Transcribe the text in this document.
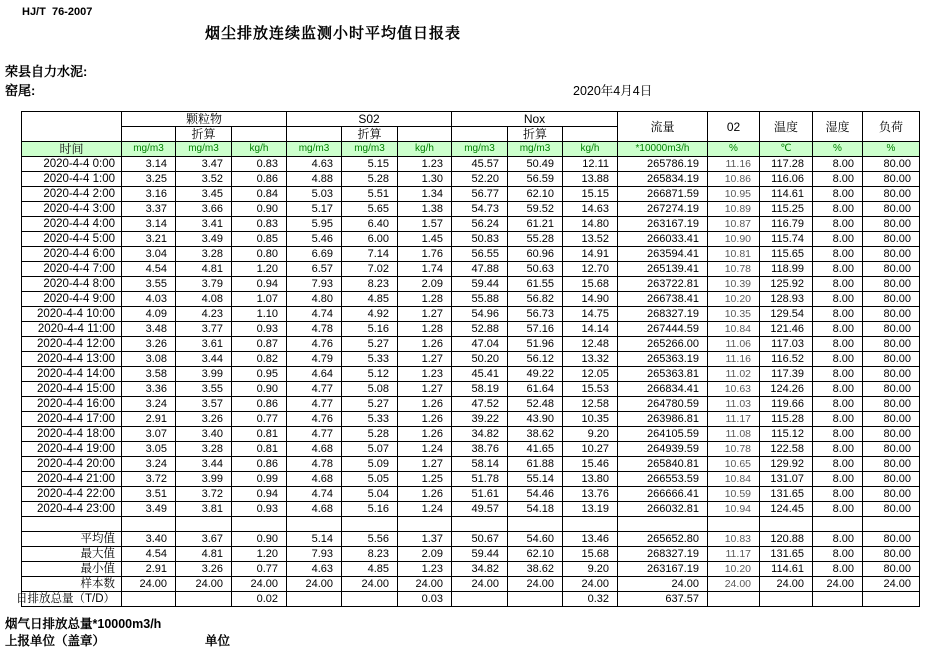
HJ/T  76-2007
烟尘排放连续监测小时平均值日报表
荣县自力水泥:
窑尾:	2020年4月4日
	颗粒物			S02			Nox			流量	02	温度	湿度	负荷
		折算			折算			折算						
时间	mg/m3	mg/m3	kg/h	mg/m3	mg/m3	kg/h	mg/m3	mg/m3	kg/h	*10000m3/h	%	℃	%	%
2020-4-4 0:00	3.14	3.47	0.83	4.63	5.15	1.23	45.57	50.49	12.11	265786.19	11.16	117.28	8.00	80.00
2020-4-4 1:00	3.25	3.52	0.86	4.88	5.28	1.30	52.20	56.59	13.88	265834.19	10.86	116.06	8.00	80.00
2020-4-4 2:00	3.16	3.45	0.84	5.03	5.51	1.34	56.77	62.10	15.15	266871.59	10.95	114.61	8.00	80.00
2020-4-4 3:00	3.37	3.66	0.90	5.17	5.65	1.38	54.73	59.52	14.63	267274.19	10.89	115.25	8.00	80.00
2020-4-4 4:00	3.14	3.41	0.83	5.95	6.40	1.57	56.24	61.21	14.80	263167.19	10.87	116.79	8.00	80.00
2020-4-4 5:00	3.21	3.49	0.85	5.46	6.00	1.45	50.83	55.28	13.52	266033.41	10.90	115.74	8.00	80.00
2020-4-4 6:00	3.04	3.28	0.80	6.69	7.14	1.76	56.55	60.96	14.91	263594.41	10.81	115.65	8.00	80.00
2020-4-4 7:00	4.54	4.81	1.20	6.57	7.02	1.74	47.88	50.63	12.70	265139.41	10.78	118.99	8.00	80.00
2020-4-4 8:00	3.55	3.79	0.94	7.93	8.23	2.09	59.44	61.55	15.68	263722.81	10.39	125.92	8.00	80.00
2020-4-4 9:00	4.03	4.08	1.07	4.80	4.85	1.28	55.88	56.82	14.90	266738.41	10.20	128.93	8.00	80.00
2020-4-4 10:00	4.09	4.23	1.10	4.74	4.92	1.27	54.96	56.73	14.75	268327.19	10.35	129.54	8.00	80.00
2020-4-4 11:00	3.48	3.77	0.93	4.78	5.16	1.28	52.88	57.16	14.14	267444.59	10.84	121.46	8.00	80.00
2020-4-4 12:00	3.26	3.61	0.87	4.76	5.27	1.26	47.04	51.96	12.48	265266.00	11.06	117.03	8.00	80.00
2020-4-4 13:00	3.08	3.44	0.82	4.79	5.33	1.27	50.20	56.12	13.32	265363.19	11.16	116.52	8.00	80.00
2020-4-4 14:00	3.58	3.99	0.95	4.64	5.12	1.23	45.41	49.22	12.05	265363.81	11.02	117.39	8.00	80.00
2020-4-4 15:00	3.36	3.55	0.90	4.77	5.08	1.27	58.19	61.64	15.53	266834.41	10.63	124.26	8.00	80.00
2020-4-4 16:00	3.24	3.57	0.86	4.77	5.27	1.26	47.52	52.48	12.58	264780.59	11.03	119.66	8.00	80.00
2020-4-4 17:00	2.91	3.26	0.77	4.76	5.33	1.26	39.22	43.90	10.35	263986.81	11.17	115.28	8.00	80.00
2020-4-4 18:00	3.07	3.40	0.81	4.77	5.28	1.26	34.82	38.62	9.20	264105.59	11.08	115.12	8.00	80.00
2020-4-4 19:00	3.05	3.28	0.81	4.68	5.07	1.24	38.76	41.65	10.27	264939.59	10.78	122.58	8.00	80.00
2020-4-4 20:00	3.24	3.44	0.86	4.78	5.09	1.27	58.14	61.88	15.46	265840.81	10.65	129.92	8.00	80.00
2020-4-4 21:00	3.72	3.99	0.99	4.68	5.05	1.25	51.78	55.14	13.80	266553.59	10.84	131.07	8.00	80.00
2020-4-4 22:00	3.51	3.72	0.94	4.74	5.04	1.26	51.61	54.46	13.76	266666.41	10.59	131.65	8.00	80.00
2020-4-4 23:00	3.49	3.81	0.93	4.68	5.16	1.24	49.57	54.18	13.19	266032.81	10.94	124.45	8.00	80.00

平均值	3.40	3.67	0.90	5.14	5.56	1.37	50.67	54.60	13.46	265652.80	10.83	120.88	8.00	80.00
最大值	4.54	4.81	1.20	7.93	8.23	2.09	59.44	62.10	15.68	268327.19	11.17	131.65	8.00	80.00
最小值	2.91	3.26	0.77	4.63	4.85	1.23	34.82	38.62	9.20	263167.19	10.20	114.61	8.00	80.00
样本数	24.00	24.00	24.00	24.00	24.00	24.00	24.00	24.00	24.00	24.00	24.00	24.00	24.00	24.00

日排放总量（T/D）			0.02			0.03			0.32	637.57				
烟气日排放总量*10000m3/h
上报单位（盖章）	单位
